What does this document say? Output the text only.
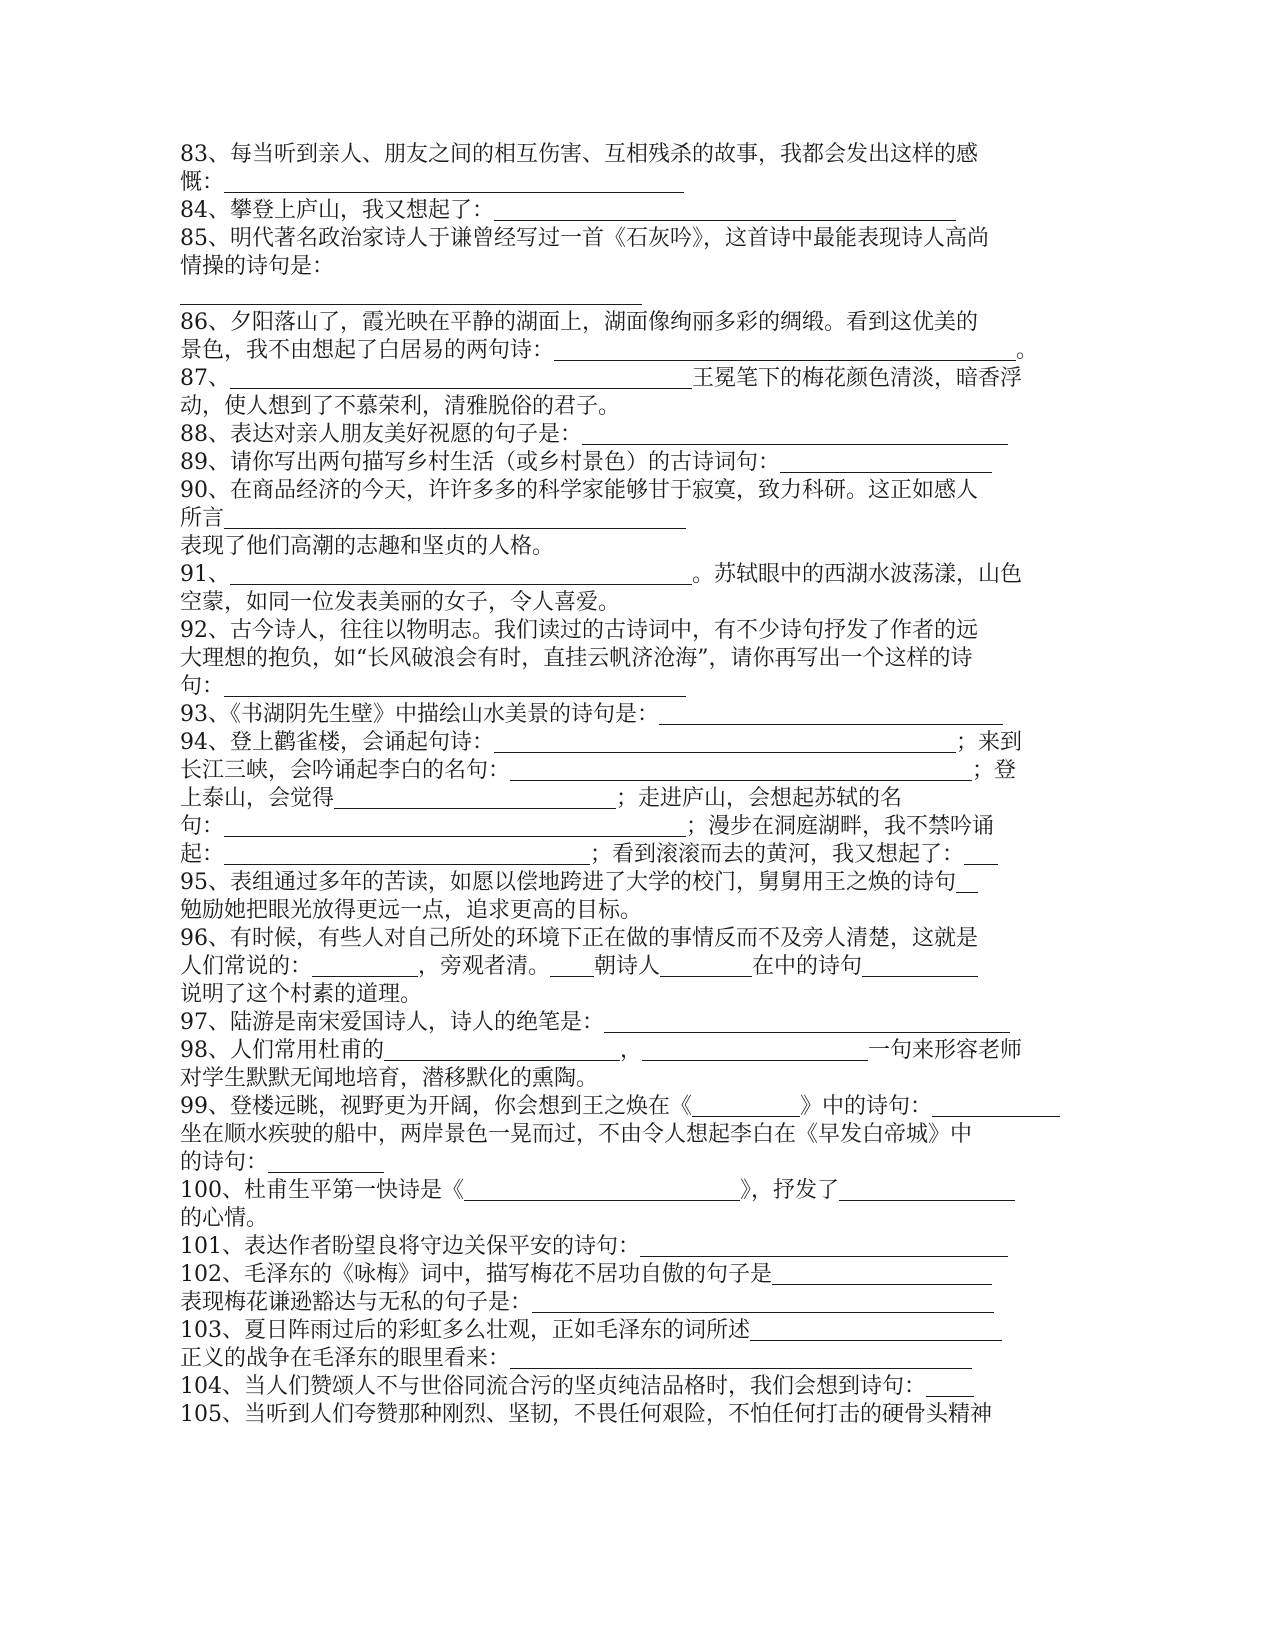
83、每当听到亲人、朋友之间的相互伤害、互相残杀的故事，我都会发出这样的感

慨：

84、攀登上庐山，我又想起了：

85、明代著名政治家诗人于谦曾经写过一首《石灰吟》，这首诗中最能表现诗人高尚

情操的诗句是：

86、夕阳落山了，霞光映在平静的湖面上，湖面像绚丽多彩的绸缎。看到这优美的

景色，我不由想起了白居易的两句诗：	。

87、	王冕笔下的梅花颜色清淡，暗香浮

动，使人想到了不慕荣利，清雅脱俗的君子。

88、表达对亲人朋友美好祝愿的句子是：

89、请你写出两句描写乡村生活（或乡村景色）的古诗词句：

90、在商品经济的今天，许许多多的科学家能够甘于寂寞，致力科研。这正如感人

所言

表现了他们高潮的志趣和坚贞的人格。

91、	。苏轼眼中的西湖水波荡漾，山色

空蒙，如同一位发表美丽的女子，令人喜爱。

92、古今诗人，往往以物明志。我们读过的古诗词中，有不少诗句抒发了作者的远

大理想的抱负，如“长风破浪会有时，直挂云帆济沧海”，请你再写出一个这样的诗

句：

93、《书湖阴先生壁》中描绘山水美景的诗句是：

94、登上鹳雀楼，会诵起句诗：	；来到

长江三峡，会吟诵起李白的名句：	；登

上泰山，会觉得	；走进庐山，会想起苏轼的名

句：	；漫步在洞庭湖畔，我不禁吟诵

起：	；看到滚滚而去的黄河，我又想起了：

95、表组通过多年的苦读，如愿以偿地跨进了大学的校门，舅舅用王之焕的诗句

勉励她把眼光放得更远一点，追求更高的目标。

96、有时候，有些人对自己所处的环境下正在做的事情反而不及旁人清楚，这就是

人们常说的：	，旁观者清。 朝诗人	在中的诗句

说明了这个村素的道理。

97、陆游是南宋爱国诗人，诗人的绝笔是：

98、人们常用杜甫的	，	一句来形容老师

对学生默默无闻地培育，潜移默化的熏陶。

99、登楼远眺，视野更为开阔，你会想到王之焕在《	》中的诗句：

坐在顺水疾驶的船中，两岸景色一晃而过，不由令人想起李白在《早发白帝城》中

的诗句：

100、杜甫生平第一快诗是《	》，抒发了

的心情。

101、表达作者盼望良将守边关保平安的诗句：

102、毛泽东的《咏梅》词中，描写梅花不居功自傲的句子是

表现梅花谦逊豁达与无私的句子是：

103、夏日阵雨过后的彩虹多么壮观，正如毛泽东的词所述

正义的战争在毛泽东的眼里看来：

104、当人们赞颂人不与世俗同流合污的坚贞纯洁品格时，我们会想到诗句：

105、当听到人们夸赞那种刚烈、坚韧，不畏任何艰险，不怕任何打击的硬骨头精神
